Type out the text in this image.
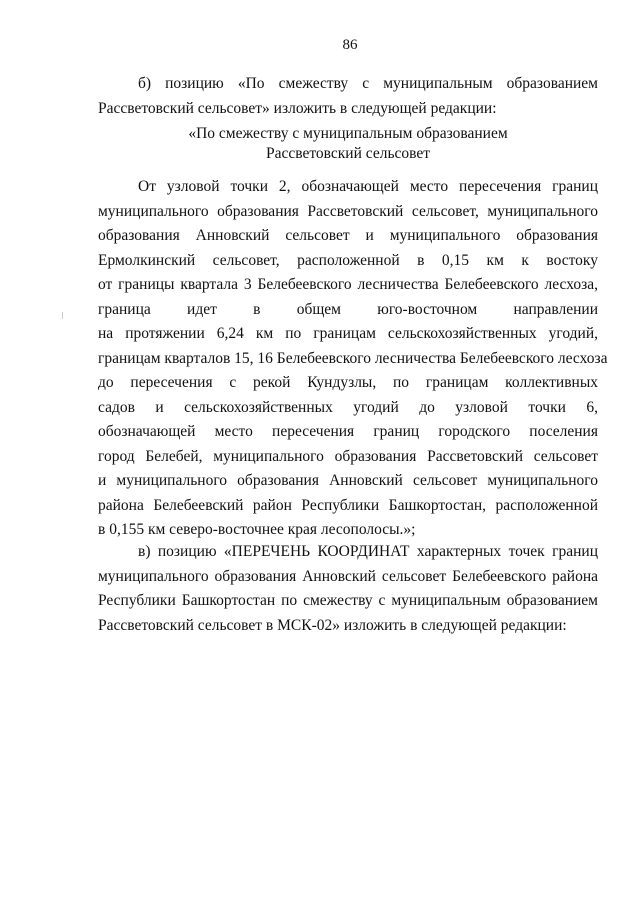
86
б) позицию «По смежеству с муниципальным образованием
Рассветовский сельсовет» изложить в следующей редакции:
«По смежеству с муниципальным образованием
Рассветовский сельсовет
От узловой точки 2, обозначающей место пересечения границ
муниципального образования Рассветовский сельсовет, муниципального
образования Анновский сельсовет и муниципального образования
Ермолкинский сельсовет, расположенной в 0,15 км к востоку
от границы квартала 3 Белебеевского лесничества Белебеевского лесхоза,
граница идет в общем юго-восточном направлении
на протяжении 6,24 км по границам сельскохозяйственных угодий,
границам кварталов 15, 16 Белебеевского лесничества Белебеевского лесхоза
до пересечения с рекой Кундузлы, по границам коллективных
садов и сельскохозяйственных угодий до узловой точки 6,
обозначающей место пересечения границ городского поселения
город Белебей, муниципального образования Рассветовский сельсовет
и муниципального образования Анновский сельсовет муниципального
района Белебеевский район Республики Башкортостан, расположенной
в 0,155 км северо-восточнее края лесополосы.»;
в) позицию «ПЕРЕЧЕНЬ КООРДИНАТ характерных точек границ
муниципального образования Анновский сельсовет Белебеевского района
Республики Башкортостан по смежеству с муниципальным образованием
Рассветовский сельсовет в МСК-02» изложить в следующей редакции:
